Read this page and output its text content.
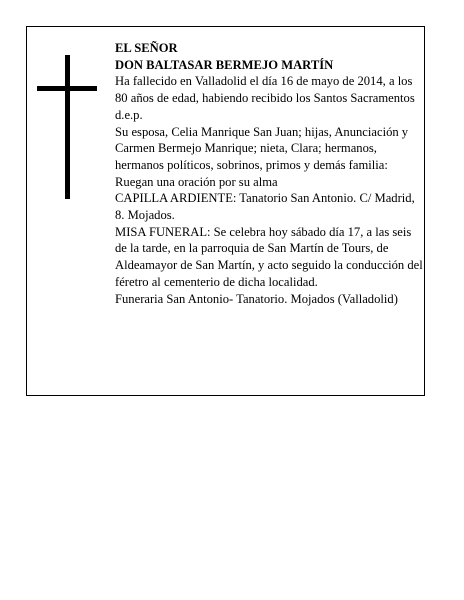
EL SEÑOR

DON BALTASAR BERMEJO MARTÍN

Ha fallecido en Valladolid el día 16 de mayo de 2014, a los 80 años de edad, habiendo recibido los Santos Sacramentos

d.e.p.

Su esposa, Celia Manrique San Juan; hijas, Anunciación y Carmen Bermejo Manrique; nieta, Clara; hermanos, hermanos políticos, sobrinos, primos y demás familia:

Ruegan una oración por su alma

CAPILLA ARDIENTE: Tanatorio San Antonio. C/ Madrid, 8. Mojados.

MISA FUNERAL: Se celebra hoy sábado día 17, a las seis de la tarde, en la parroquia de San Martín de Tours, de Aldeamayor de San Martín, y acto seguido la conducción del féretro al cementerio de dicha localidad.

Funeraria San Antonio- Tanatorio. Mojados (Valladolid)
